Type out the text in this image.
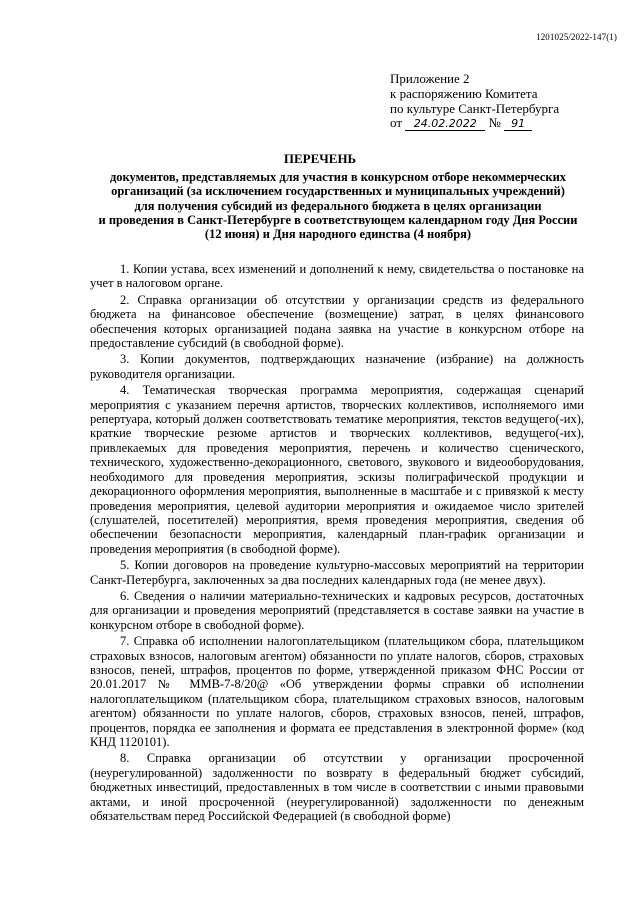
1201025/2022-147(1)

Приложение 2
к распоряжению Комитета
по культуре Санкт-Петербурга
от 24.02.2022 № 91

ПЕРЕЧЕНЬ

документов, представляемых для участия в конкурсном отборе некоммерческих
организаций (за исключением государственных и муниципальных учреждений)
для получения субсидий из федерального бюджета в целях организации
и проведения в Санкт-Петербурге в соответствующем календарном году Дня России
(12 июня) и Дня народного единства (4 ноября)

1. Копии устава, всех изменений и дополнений к нему, свидетельства о постановке на учет в налоговом органе.

2. Справка организации об отсутствии у организации средств из федерального бюджета на финансовое обеспечение (возмещение) затрат, в целях финансового обеспечения которых организацией подана заявка на участие в конкурсном отборе на предоставление субсидий (в свободной форме).

3. Копии документов, подтверждающих назначение (избрание) на должность руководителя организации.

4. Тематическая творческая программа мероприятия, содержащая сценарий мероприятия с указанием перечня артистов, творческих коллективов, исполняемого ими репертуара, который должен соответствовать тематике мероприятия, текстов ведущего(-их), краткие творческие резюме артистов и творческих коллективов, ведущего(-их), привлекаемых для проведения мероприятия, перечень и количество сценического, технического, художественно-декорационного, светового, звукового и видеооборудования, необходимого для проведения мероприятия, эскизы полиграфической продукции и декорационного оформления мероприятия, выполненные в масштабе и с привязкой к месту проведения мероприятия, целевой аудитории мероприятия и ожидаемое число зрителей (слушателей, посетителей) мероприятия, время проведения мероприятия, сведения об обеспечении безопасности мероприятия, календарный план-график организации и проведения мероприятия (в свободной форме).

5. Копии договоров на проведение культурно-массовых мероприятий на территории Санкт-Петербурга, заключенных за два последних календарных года (не менее двух).

6. Сведения о наличии материально-технических и кадровых ресурсов, достаточных для организации и проведения мероприятий (представляется в составе заявки на участие в конкурсном отборе в свободной форме).

7. Справка об исполнении налогоплательщиком (плательщиком сбора, плательщиком страховых взносов, налоговым агентом) обязанности по уплате налогов, сборов, страховых взносов, пеней, штрафов, процентов по форме, утвержденной приказом ФНС России от 20.01.2017 № ММВ-7-8/20@ «Об утверждении формы справки об исполнении налогоплательщиком (плательщиком сбора, плательщиком страховых взносов, налоговым агентом) обязанности по уплате налогов, сборов, страховых взносов, пеней, штрафов, процентов, порядка ее заполнения и формата ее представления в электронной форме» (код КНД 1120101).

8. Справка организации об отсутствии у организации просроченной (неурегулированной) задолженности по возврату в федеральный бюджет субсидий, бюджетных инвестиций, предоставленных в том числе в соответствии с иными правовыми актами, и иной просроченной (неурегулированной) задолженности по денежным обязательствам перед Российской Федерацией (в свободной форме)
